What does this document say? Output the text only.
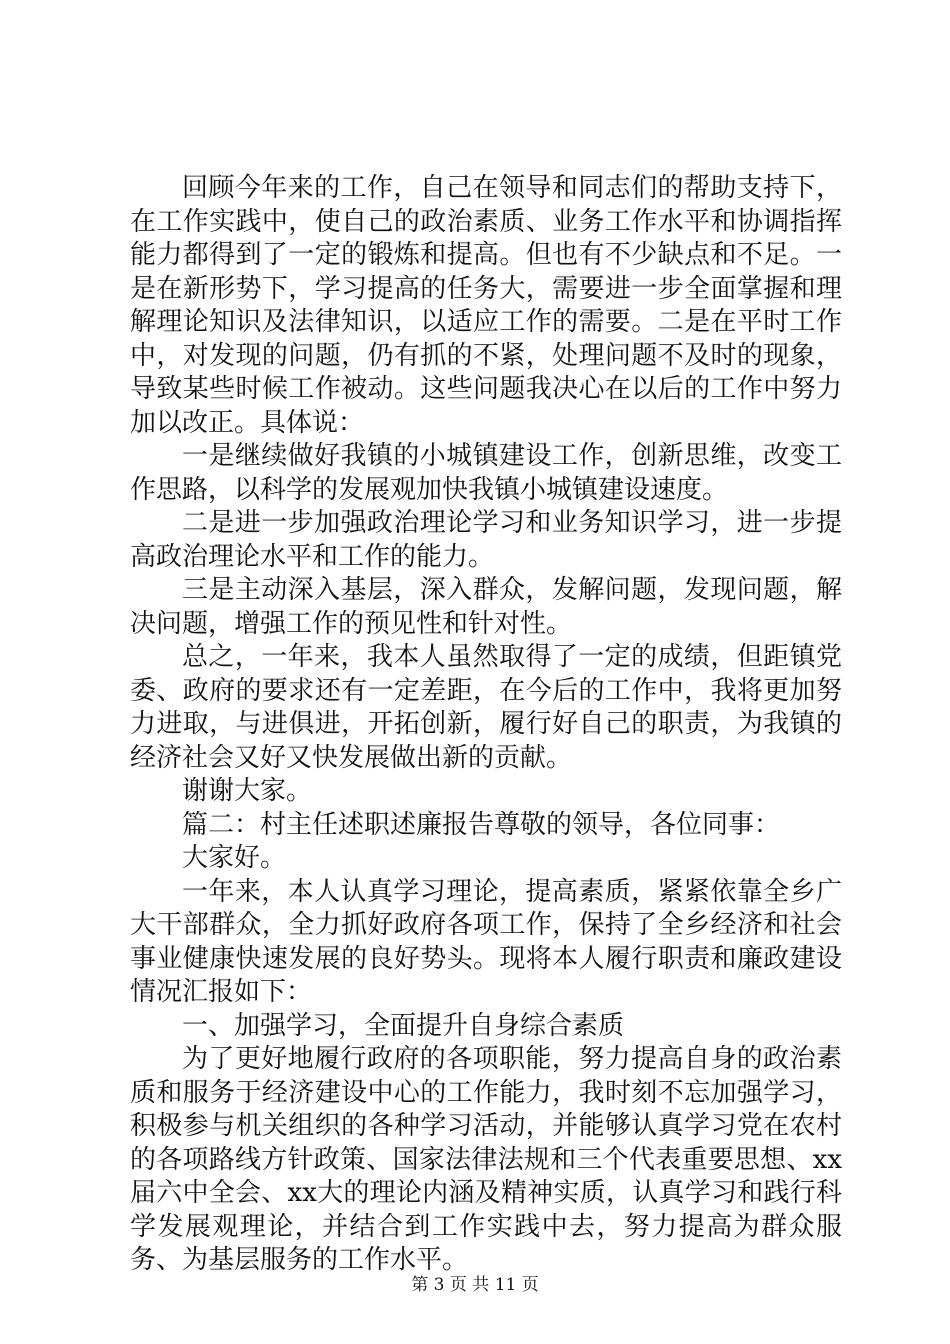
回顾今年来的工作，自己在领导和同志们的帮助支持下，在工作实践中，使自己的政治素质、业务工作水平和协调指挥能力都得到了一定的锻炼和提高。但也有不少缺点和不足。一是在新形势下，学习提高的任务大，需要进一步全面掌握和理解理论知识及法律知识，以适应工作的需要。二是在平时工作中，对发现的问题，仍有抓的不紧，处理问题不及时的现象，导致某些时候工作被动。这些问题我决心在以后的工作中努力加以改正。具体说：

一是继续做好我镇的小城镇建设工作，创新思维，改变工作思路，以科学的发展观加快我镇小城镇建设速度。

二是进一步加强政治理论学习和业务知识学习，进一步提高政治理论水平和工作的能力。

三是主动深入基层，深入群众，发解问题，发现问题，解决问题，增强工作的预见性和针对性。

总之，一年来，我本人虽然取得了一定的成绩，但距镇党委、政府的要求还有一定差距，在今后的工作中，我将更加努力进取，与进俱进，开拓创新，履行好自己的职责，为我镇的经济社会又好又快发展做出新的贡献。

谢谢大家。

篇二：村主任述职述廉报告尊敬的领导，各位同事：

大家好。

一年来，本人认真学习理论，提高素质，紧紧依靠全乡广大干部群众，全力抓好政府各项工作，保持了全乡经济和社会事业健康快速发展的良好势头。现将本人履行职责和廉政建设情况汇报如下：

一、加强学习，全面提升自身综合素质

为了更好地履行政府的各项职能，努力提高自身的政治素质和服务于经济建设中心的工作能力，我时刻不忘加强学习，积极参与机关组织的各种学习活动，并能够认真学习党在农村的各项路线方针政策、国家法律法规和三个代表重要思想、xx届六中全会、xx大的理论内涵及精神实质，认真学习和践行科学发展观理论，并结合到工作实践中去，努力提高为群众服务、为基层服务的工作水平。

第 3 页 共 11 页
